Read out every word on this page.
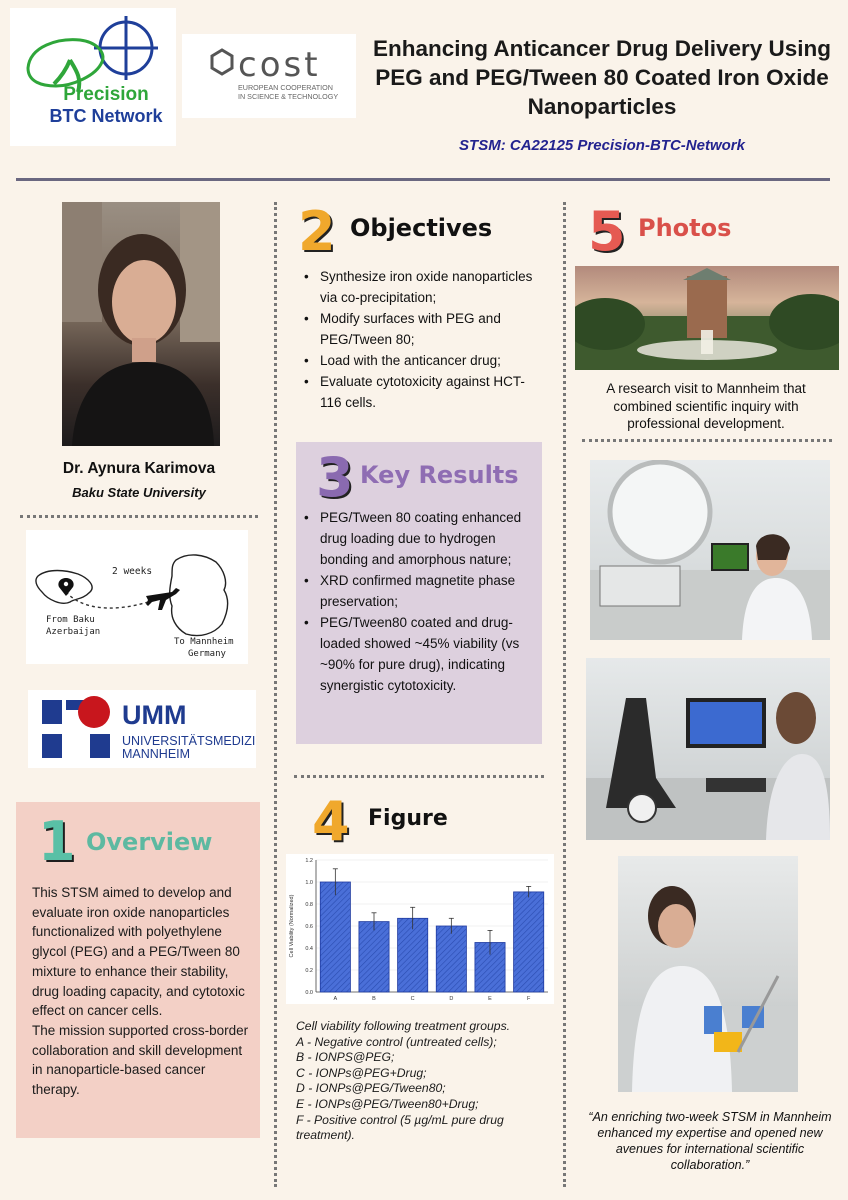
Precision
BTC Network
cost
EUROPEAN COOPERATION
IN SCIENCE & TECHNOLOGY
Enhancing Anticancer Drug Delivery Using PEG and PEG/Tween 80 Coated Iron Oxide Nanoparticles
STSM: CA22125 Precision-BTC-Network
Dr. Aynura Karimova
Baku State University
2 weeks
From Baku
Azerbaijan
To Mannheim
Germany
UMM
UNIVERSITÄTSMEDIZIN
MANNHEIM
1 Overview

This STSM aimed to develop and evaluate iron oxide nanoparticles functionalized with polyethylene glycol (PEG) and a PEG/Tween 80 mixture to enhance their stability, drug loading capacity, and cytotoxic effect on cancer cells.

The mission supported cross-border collaboration and skill development in nanoparticle-based cancer therapy.

2 Objectives
• Synthesize iron oxide nanoparticles via co-precipitation;
• Modify surfaces with PEG and PEG/Tween 80;
• Load with the anticancer drug;
• Evaluate cytotoxicity against HCT-116 cells.
3 Key Results
• PEG/Tween 80 coating enhanced drug loading due to hydrogen bonding and amorphous nature;
• XRD confirmed magnetite phase preservation;
• PEG/Tween80 coated and drug-loaded showed ~45% viability (vs ~90% for pure drug), indicating synergistic cytotoxicity.
4 Figure
Cell Viability (Normalized)
0.0
0.2
0.4
0.6
0.8
1.0
1.2
A	B	C	D	E	F
Cell viability following treatment groups.
A - Negative control (untreated cells);
B - IONPS@PEG;
C - IONPs@PEG+Drug;
D - IONPs@PEG/Tween80;
E - IONPs@PEG/Tween80+Drug;
F - Positive control (5 µg/mL pure drug treatment).
5 Photos
A research visit to Mannheim that combined scientific inquiry with professional development.
“An enriching two-week STSM in Mannheim enhanced my expertise and opened new avenues for international scientific collaboration.”
